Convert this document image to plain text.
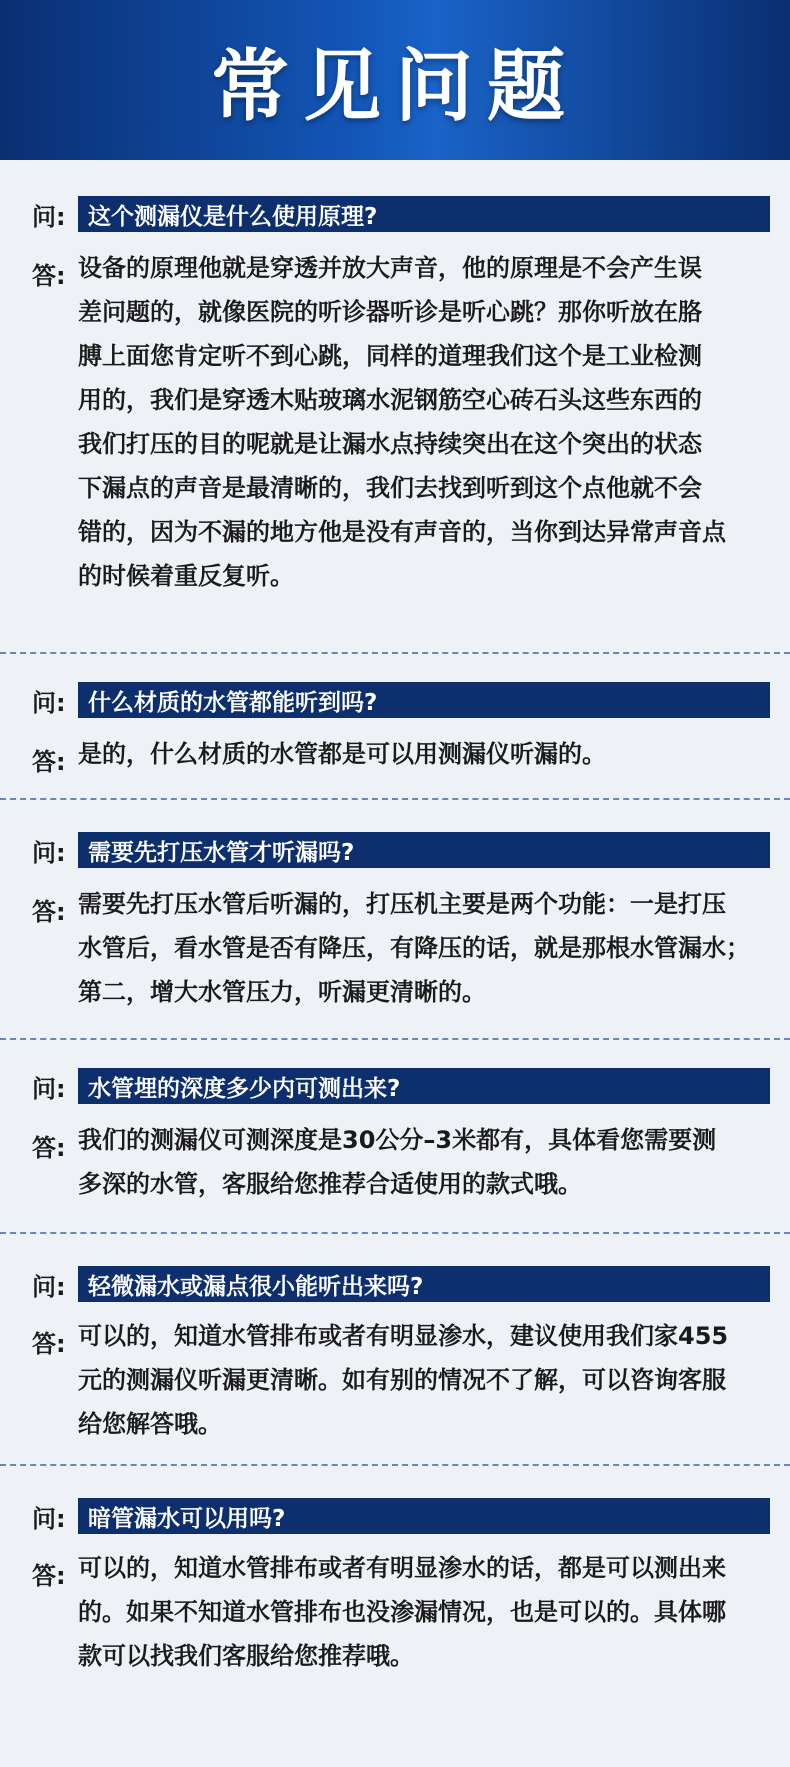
常见问题
问: 这个测漏仪是什么使用原理?
答: 设备的原理他就是穿透并放大声音，他的原理是不会产生误
差问题的，就像医院的听诊器听诊是听心跳？那你听放在胳
膊上面您肯定听不到心跳，同样的道理我们这个是工业检测
用的，我们是穿透木贴玻璃水泥钢筋空心砖石头这些东西的
我们打压的目的呢就是让漏水点持续突出在这个突出的状态
下漏点的声音是最清晰的，我们去找到听到这个点他就不会
错的，因为不漏的地方他是没有声音的，当你到达异常声音点
的时候着重反复听。
问: 什么材质的水管都能听到吗?
答: 是的，什么材质的水管都是可以用测漏仪听漏的。
问: 需要先打压水管才听漏吗?
答: 需要先打压水管后听漏的，打压机主要是两个功能：一是打压
水管后，看水管是否有降压，有降压的话，就是那根水管漏水；
第二，增大水管压力，听漏更清晰的。
问: 水管埋的深度多少内可测出来?
答: 我们的测漏仪可测深度是30公分–3米都有，具体看您需要测
多深的水管，客服给您推荐合适使用的款式哦。
问: 轻微漏水或漏点很小能听出来吗?
答: 可以的，知道水管排布或者有明显渗水，建议使用我们家455
元的测漏仪听漏更清晰。如有别的情况不了解，可以咨询客服
给您解答哦。
问: 暗管漏水可以用吗?
答: 可以的，知道水管排布或者有明显渗水的话，都是可以测出来
的。如果不知道水管排布也没渗漏情况，也是可以的。具体哪
款可以找我们客服给您推荐哦。
